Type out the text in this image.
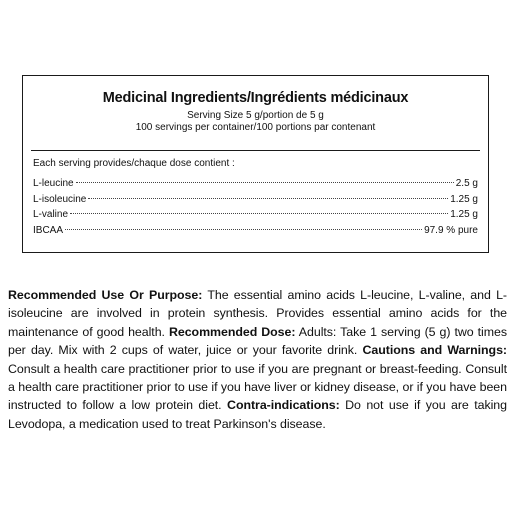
Medicinal Ingredients/Ingrédients médicinaux
Serving Size 5 g/portion de 5 g
100 servings per container/100 portions par contenant
Each serving provides/chaque dose contient :
L-leucine	2.5 g
L-isoleucine	1.25 g
L-valine	1.25 g
IBCAA	97.9 % pure
Recommended Use Or Purpose: The essential amino acids L-leucine, L-valine, and L-isoleucine are involved in protein synthesis. Provides essential amino acids for the maintenance of good health. Recommended Dose: Adults: Take 1 serving (5 g) two times per day. Mix with 2 cups of water, juice or your favorite drink. Cautions and Warnings: Consult a health care practitioner prior to use if you are pregnant or breast-feeding. Consult a health care practitioner prior to use if you have liver or kidney disease, or if you have been instructed to follow a low protein diet. Contra-indications: Do not use if you are taking Levodopa, a medication used to treat Parkinson's disease.
